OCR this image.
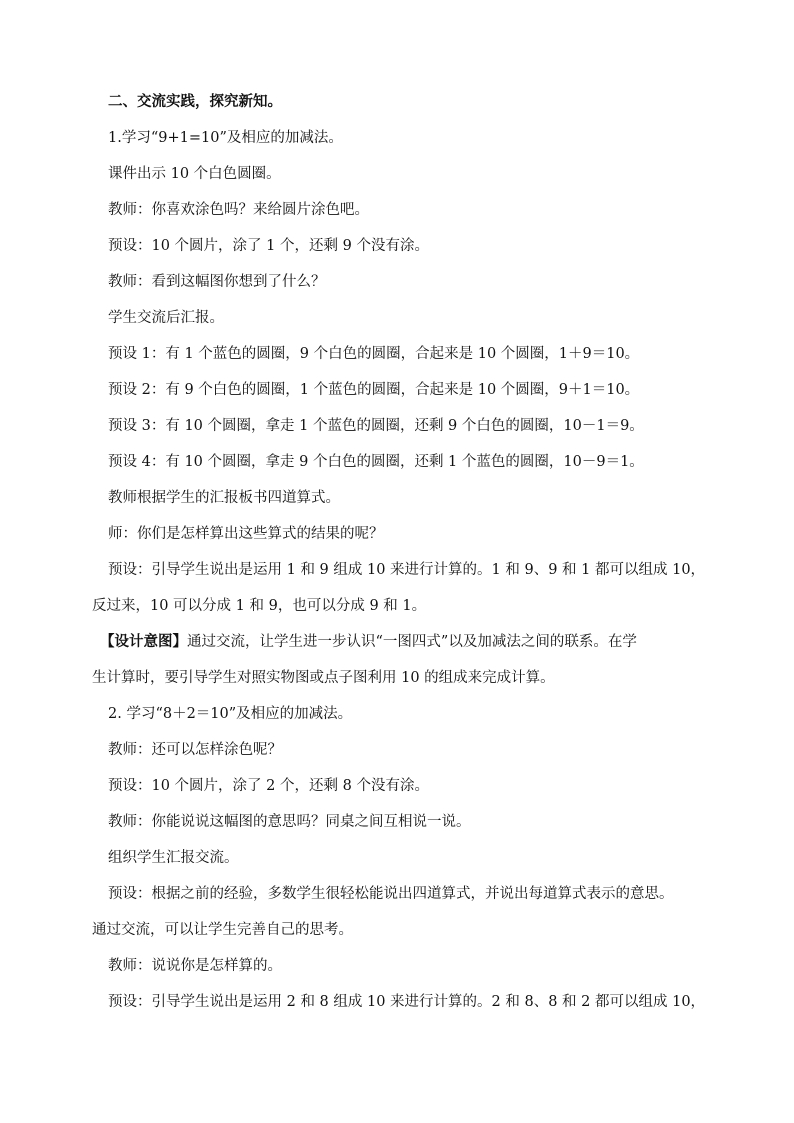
二、交流实践，探究新知。
1.学习“9+1=10”及相应的加减法。
课件出示 10 个白色圆圈。
教师：你喜欢涂色吗？来给圆片涂色吧。
预设：10 个圆片，涂了 1 个，还剩 9 个没有涂。
教师：看到这幅图你想到了什么？
学生交流后汇报。
预设 1：有 1 个蓝色的圆圈，9 个白色的圆圈，合起来是 10 个圆圈，1＋9＝10。
预设 2：有 9 个白色的圆圈，1 个蓝色的圆圈，合起来是 10 个圆圈，9＋1＝10。
预设 3：有 10 个圆圈，拿走 1 个蓝色的圆圈，还剩 9 个白色的圆圈，10－1＝9。
预设 4：有 10 个圆圈，拿走 9 个白色的圆圈，还剩 1 个蓝色的圆圈，10－9＝1。
教师根据学生的汇报板书四道算式。
师：你们是怎样算出这些算式的结果的呢？
预设：引导学生说出是运用 1 和 9 组成 10 来进行计算的。1 和 9、9 和 1 都可以组成 10，
反过来，10 可以分成 1 和 9，也可以分成 9 和 1。
【设计意图】通过交流，让学生进一步认识“一图四式”以及加减法之间的联系。在学
生计算时，要引导学生对照实物图或点子图利用 10 的组成来完成计算。
2. 学习“8＋2＝10”及相应的加减法。
教师：还可以怎样涂色呢？
预设：10 个圆片，涂了 2 个，还剩 8 个没有涂。
教师：你能说说这幅图的意思吗？同桌之间互相说一说。
组织学生汇报交流。
预设：根据之前的经验，多数学生很轻松能说出四道算式，并说出每道算式表示的意思。
通过交流，可以让学生完善自己的思考。
教师：说说你是怎样算的。
预设：引导学生说出是运用 2 和 8 组成 10 来进行计算的。2 和 8、8 和 2 都可以组成 10，
